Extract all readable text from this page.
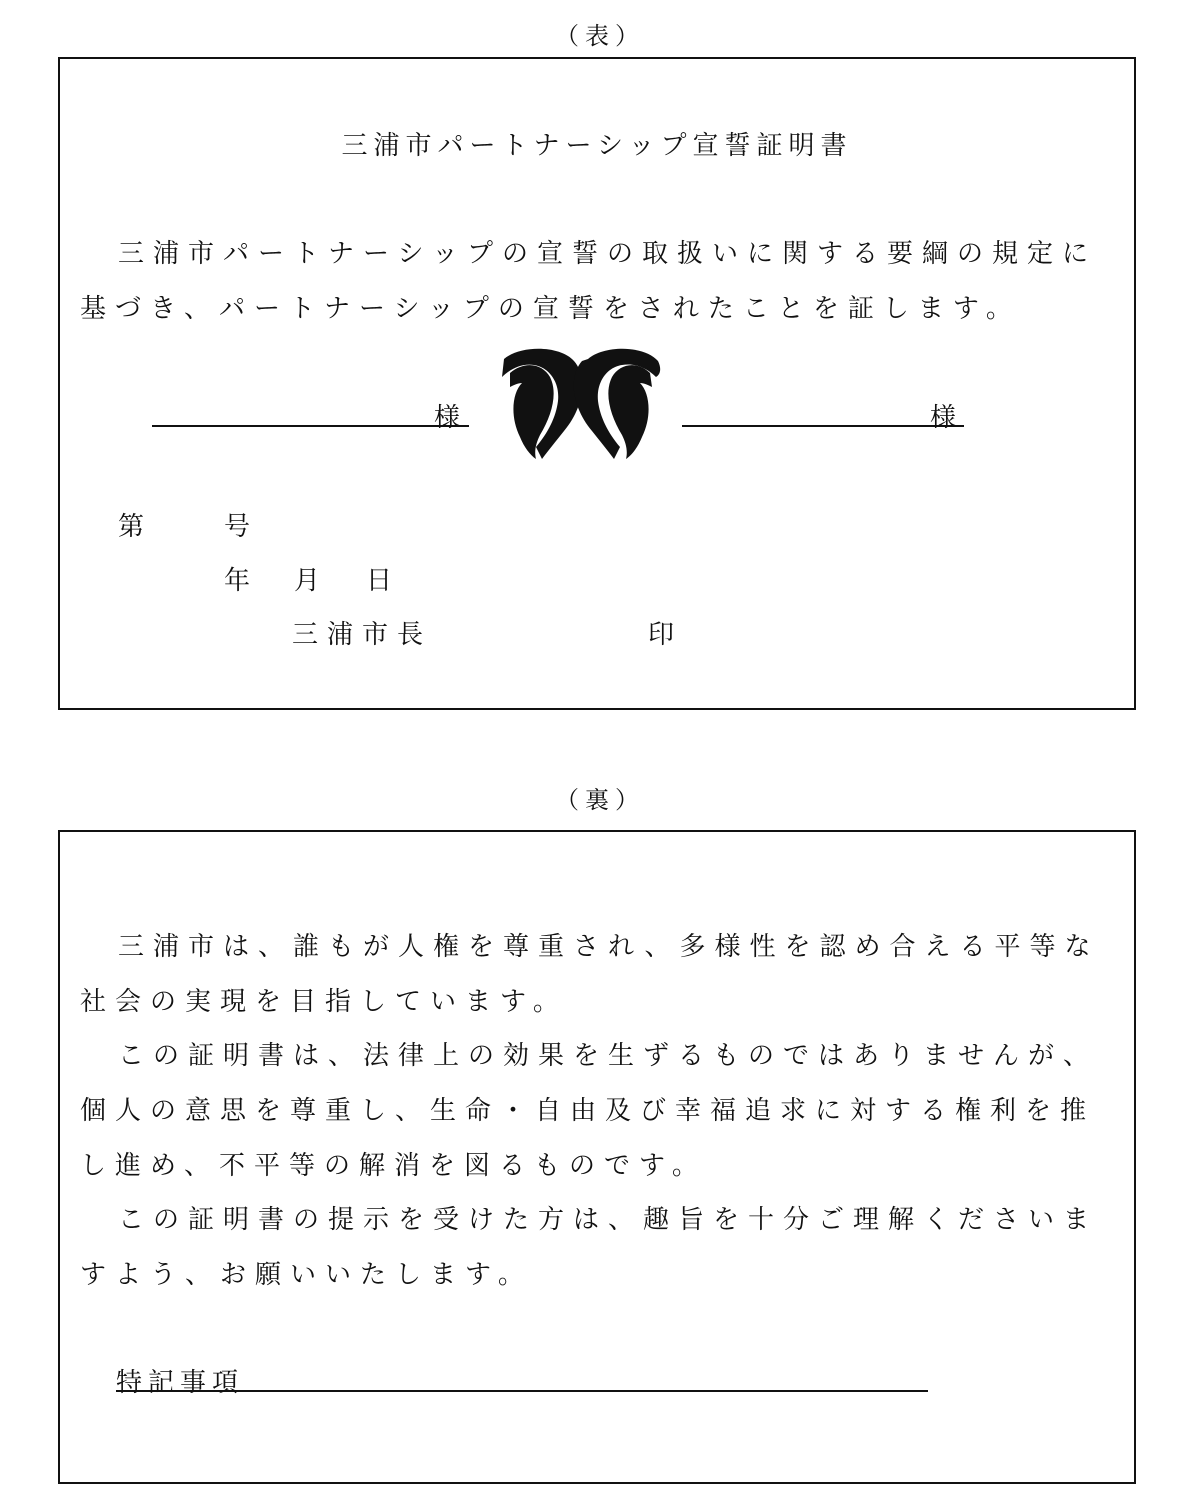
（表）
三浦市パートナーシップ宣誓証明書
三浦市パートナーシップの宣誓の取扱いに関する要綱の規定に
基づき、パートナーシップの宣誓をされたことを証します。
様	様
第	号
年 月 日
三浦市長	印
（裏）
三浦市は、誰もが人権を尊重され、多様性を認め合える平等な
社会の実現を目指しています。
この証明書は、法律上の効果を生ずるものではありませんが、
個人の意思を尊重し、生命・自由及び幸福追求に対する権利を推
し進め、不平等の解消を図るものです。
この証明書の提示を受けた方は、趣旨を十分ご理解くださいま
すよう、お願いいたします。
特記事項
